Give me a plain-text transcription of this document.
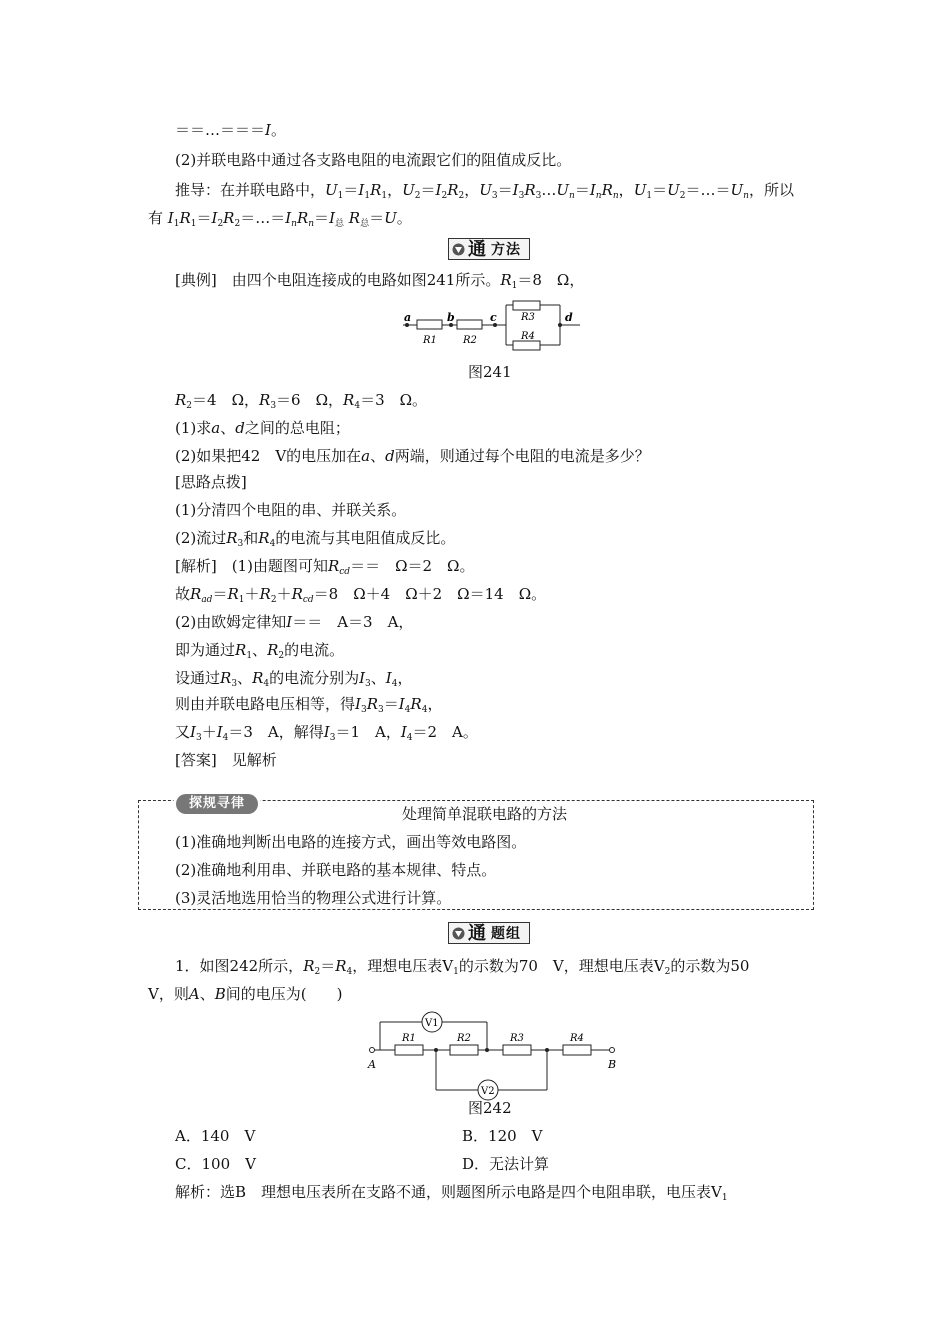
＝＝…＝＝＝I。
(2)并联电路中通过各支路电阻的电流跟它们的阻值成反比。
推导：在并联电路中，$U_1=I_1R_1$，$U_2=I_2R_2$，$U_3=I_3R_3\dots U_n=I_nR_n$，$U_1=U_2=\dots=U_n$，所以
有 $I_1R_1=I_2R_2=\dots=I_nR_n=I_总$ $R_总=U$。
通 方法
[典例]　由四个电阻连接成的电路如图241所示。$R_1=8$　Ω，
a	b	c	d
R1	R2
R3
R4
图241
$R_2=4$　Ω，$R_3=6$　Ω，$R_4=3$　Ω。
(1)求a、d之间的总电阻；
(2)如果把42　V的电压加在a、d两端，则通过每个电阻的电流是多少？
[思路点拨]
(1)分清四个电阻的串、并联关系。
(2)流过$R_3$和$R_4$的电流与其电阻值成反比。
[解析]　(1)由题图可知$R_{cd}==$　Ω＝2　Ω。
故$R_{ad}=R_1+R_2+R_{cd}=8$　Ω＋4　Ω＋2　Ω＝14　Ω。
(2)由欧姆定律知I＝＝　A＝3　A，
即为通过$R_1$、$R_2$的电流。
设通过$R_3$、$R_4$的电流分别为$I_3$、$I_4$，
则由并联电路电压相等，得$I_3R_3=I_4R_4$，
又$I_3+I_4=3$　A，解得$I_3=1$　A，$I_4=2$　A。
[答案]　见解析
探规寻律
处理简单混联电路的方法
(1)准确地判断出电路的连接方式，画出等效电路图。
(2)准确地利用串、并联电路的基本规律、特点。
(3)灵活地选用恰当的物理公式进行计算。
通 题组
1．如图242所示，$R_2=R_4$，理想电压表$V_1$的示数为70　V，理想电压表$V_2$的示数为50
V，则A、B间的电压为(　　)
A	B
R1	R2	R3	R4
V1
V2
图242
A．140　V	B．120　V
C．100　V	D．无法计算
解析：选B　理想电压表所在支路不通，则题图所示电路是四个电阻串联，电压表$V_1$
